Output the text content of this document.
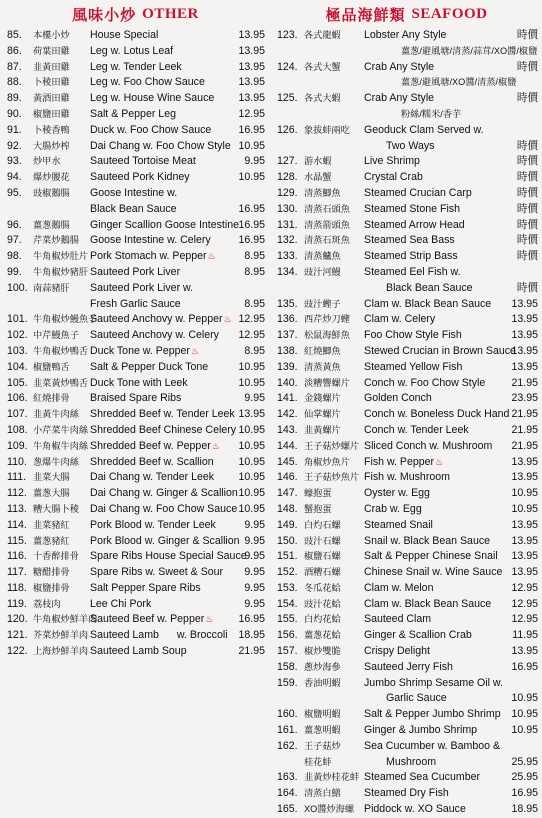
風味小炒 OTHER
85.	本樓小炒	House Special	13.95
86.	荷葉田雞	Leg w. Lotus Leaf	13.95
87.	韭黃田雞	Leg w. Tender Leek	13.95
88.	卜稜田雞	Leg w. Foo Chow Sauce	13.95
89.	黃酒田雞	Leg w. House Wine Sauce 13.95
90.	椒鹽田雞	Salt & Pepper Leg	12.95
91.	卜稜香鴨	Duck w. Foo Chow Sauce	16.95
92.	大腸炒榨	Dai Chang w. Foo Chow Style 10.95
93.	炒甲水	Sauteed Tortoise Meat	9.95
94.	爆炒腰花	Sauteed Pork Kidney	10.95
95.	豉椒鵝腸	Goose Intestine w.
Black Bean Sauce	16.95
96.	薑葱鵝腸	Ginger Scallion Goose Intestine 16.95
97.	芹菜炒鵝腸	Goose Intestine w. Celery	16.95
98.	牛角椒炒肚片 Pork Stomach w. Pepper♨	8.95
99.	牛角椒炒豬肝 Sauteed Pork Liver	8.95
100. 南蒜豬肝	Sauteed Pork Liver w.
Fresh Garlic Sauce	8.95
101. 牛角椒炒鰻魚子
Sauteed Anchovy w. Pepper♨ 12.95
102. 中芹鰻魚子	Sauteed Anchovy w. Celery 12.95
103. 牛角椒炒鴨舌 Duck Tone w. Pepper♨	8.95
104. 椒鹽鴨舌	Salt & Pepper Duck Tone	10.95
105. 韭菜黃炒鴨舌 Duck Tone with Leek	10.95
106. 紅燒排骨	Braised Spare Ribs	9.95
107. 韭黃牛肉絲	Shredded Beef w. Tender Leek 13.95
108. 小芹菜牛肉絲 Shredded Beef Chinese Celery 10.95
109. 牛角椒牛肉絲 Shredded Beef w. Pepper♨ 10.95
110. 葱爆牛肉絲	Shredded Beef w. Scallion 10.95
111. 韭菜大腸	Dai Chang w. Tender Leek 10.95
112. 薑葱大腸	Dai Chang w. Ginger & Scallion 10.95
113. 糟大腸卜稜	Dai Chang w. Foo Chow Sauce 10.95
114. 韭菜豬紅	Pork Blood w. Tender Leek	9.95
115. 薑葱豬紅	Pork Blood w. Ginger & Scallion 9.95
116. 十香醉排骨	Spare Ribs House Special Sauce
9.95
117. 糖醋排骨	Spare Ribs w. Sweet & Sour 9.95
118. 椒鹽排骨	Salt Pepper Spare Ribs	9.95
119. 荔枝肉	Lee Chi Pork	9.95
120. 牛角椒炒鮮羊肉
Sauteed Beef w. Pepper♨ 16.95
121. 芥菜炒鮮羊肉 Sauteed Lamb w. Broccoli 18.95
122. 上海炒鮮羊肉 Sauteed Lamb Soup	21.95
極品海鮮類 SEAFOOD
123. 各式龍蝦	Lobster Any Style	時價
薑葱/避風塘/清蒸/蒜茸/XO醬/椒鹽
124. 各式大蟹	Crab Any Style	時價
薑葱/避風塘/XO醬/清蒸/椒鹽
125. 各式大蝦	Crab Any Style	時價
粉絲/糯米/香芋
126. 象拔蚌兩吃	Geoduck Clam Served w.
Two Ways	時價
127. 游水蝦	Live Shrimp	時價
128. 水晶蟹	Crystal Crab	時價
129. 清蒸鯽魚	Steamed Crucian Carp	時價
130. 清蒸石頭魚	Steamed Stone Fish	時價
131. 清蒸箭頭魚	Steamed Arrow Head	時價
132. 清蒸石斑魚	Steamed Sea Bass	時價
133. 清蒸鱸魚	Steamed Strip Bass	時價
134. 豉汁河鰻	Steamed Eel Fish w.
Black Bean Sauce	時價
135. 豉汁蟶子	Clam w. Black Bean Sauce 13.95
136. 西芹炒刀蟶	Clam w. Celery	13.95
137. 松鼠海鮮魚	Foo Chow Style Fish	13.95
138. 紅燒鯽魚	Stewed Crucian in Brown Sauce
13.95
139. 清蒸黃魚	Steamed Yellow Fish	13.95
140. 淡糟響螺片	Conch w. Foo Chow Style 21.95
141. 金錢螺片	Golden Conch	23.95
142. 仙掌螺片	Conch w. Boneless Duck Hand 21.95
143. 韭黃螺片	Conch w. Tender Leek	21.95
144. 王子菇炒螺片 Sliced Conch w. Mushroom 21.95
145. 角椒炒魚片	Fish w. Pepper♨	13.95
146. 王子菇炒魚片 Fish w. Mushroom	13.95
147. 蠔抱蛋	Oyster w. Egg	10.95
148. 蟹抱蛋	Crab w. Egg	10.95
149. 白灼石螺	Steamed Snail	13.95
150. 豉汁石螺	Snail w. Black Bean Sauce 13.95
151. 椒鹽石螺	Salt & Pepper Chinese Snail 13.95
152. 酒糟石螺	Chinese Snail w. Wine Sauce 13.95
153. 冬瓜花蛤	Clam w. Melon	12.95
154. 豉汁花蛤	Clam w. Black Bean Sauce 12.95
155. 白灼花蛤	Sauteed Clam	12.95
156. 薑葱花蛤	Ginger & Scallion Crab	11.95
157. 椒炒雙脆	Crispy Delight	13.95
158. 蔥炒海參	Sauteed Jerry Fish	16.95
159. 香油明蝦	Jumbo Shrimp Sesame Oil w.
Garlic Sauce	10.95
160. 椒鹽明蝦	Salt & Pepper Jumbo Shrimp 10.95
161. 薑葱明蝦	Ginger & Jumbo Shrimp	10.95
162. 王子菇炒	Sea Cucumber w. Bamboo &
桂花蚌	Mushroom	25.95
163. 韭黃炒桂花蚌 Steamed Sea Cucumber	25.95
164. 清蒸白鱔	Steamed Dry Fish	16.95
165. XO醬炒海螺 Piddock w. XO Sauce	18.95
